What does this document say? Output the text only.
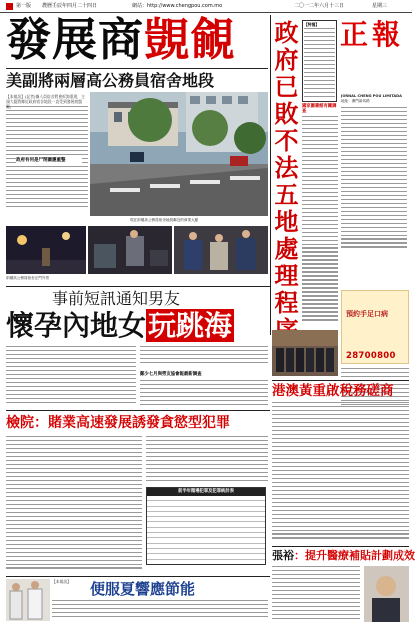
第一版 農曆壬辰年四月二十四日	網站：http://www.chengpou.com.mo	二〇一二年六月十三日	星期三
發展商覬覦
美副將兩層高公務員宿舍地段
【本報訊】(記者)據人員宿舍將會拆卸重建，主頭大廈將鄰近政府宿舍地段一直受到發展商覬覦。
政府有何是尸閉圖應重整
現在兩層高公務員宿舍地段鄰近的商業大廈
兩層高公務員宿舍正門外景
政府已敗不法五地處理程
【特寫】
國家圖書館有關調查
正報
JORNAL CHENG POU LIMITADA
地址：澳門新馬路
預約手足口病
28700800
事前短訊通知男友
懷孕內地女玩跳海
鄭少七月與勞友協會報最新調查
港澳黃重啟稅務磋商
檢院：賭業高速發展誘發貪慾型犯罪
前半年賭場犯罪及犯罪統計表
張裕：提升醫療補貼計劃成效
【本報訊】	便服夏響應節能
